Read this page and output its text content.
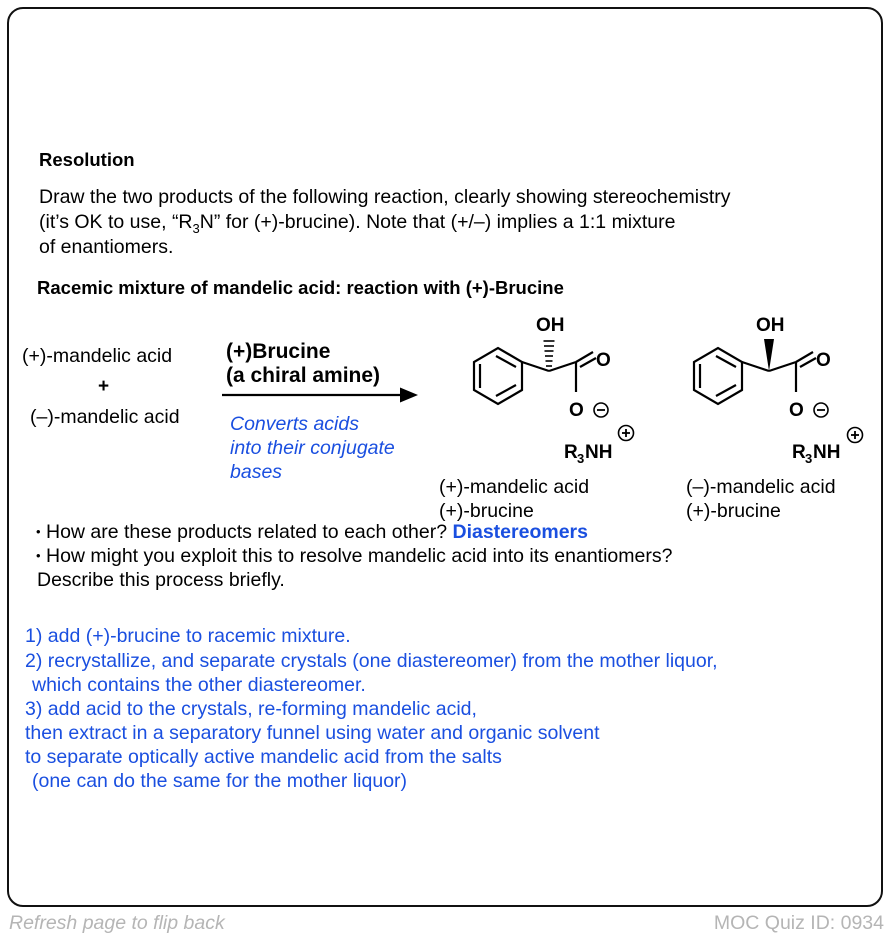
Resolution
Draw the two products of the following reaction, clearly showing stereochemistry
(it’s OK to use, “$R_3N$” for (+)-brucine). Note that (+/–) implies a 1:1 mixture
of enantiomers.
Racemic mixture of mandelic acid: reaction with (+)-Brucine
(+)-mandelic acid
+
(–)-mandelic acid
(+)Brucine
(a chiral amine)
Converts acids
into their conjugate
bases
OH
O
O
R 3 NH
OH
O
O
R 3 NH
(+)-mandelic acid
(+)-brucine
(–)-mandelic acid
(+)-brucine
• How are these products related to each other? Diastereomers
• How might you exploit this to resolve mandelic acid into its enantiomers?
Describe this process briefly.
1) add (+)-brucine to racemic mixture.
2) recrystallize, and separate crystals (one diastereomer) from the mother liquor,
which contains the other diastereomer.
3) add acid to the crystals, re-forming mandelic acid,
then extract in a separatory funnel using water and organic solvent
to separate optically active mandelic acid from the salts
(one can do the same for the mother liquor)
Refresh page to flip back	MOC Quiz ID: 0934
